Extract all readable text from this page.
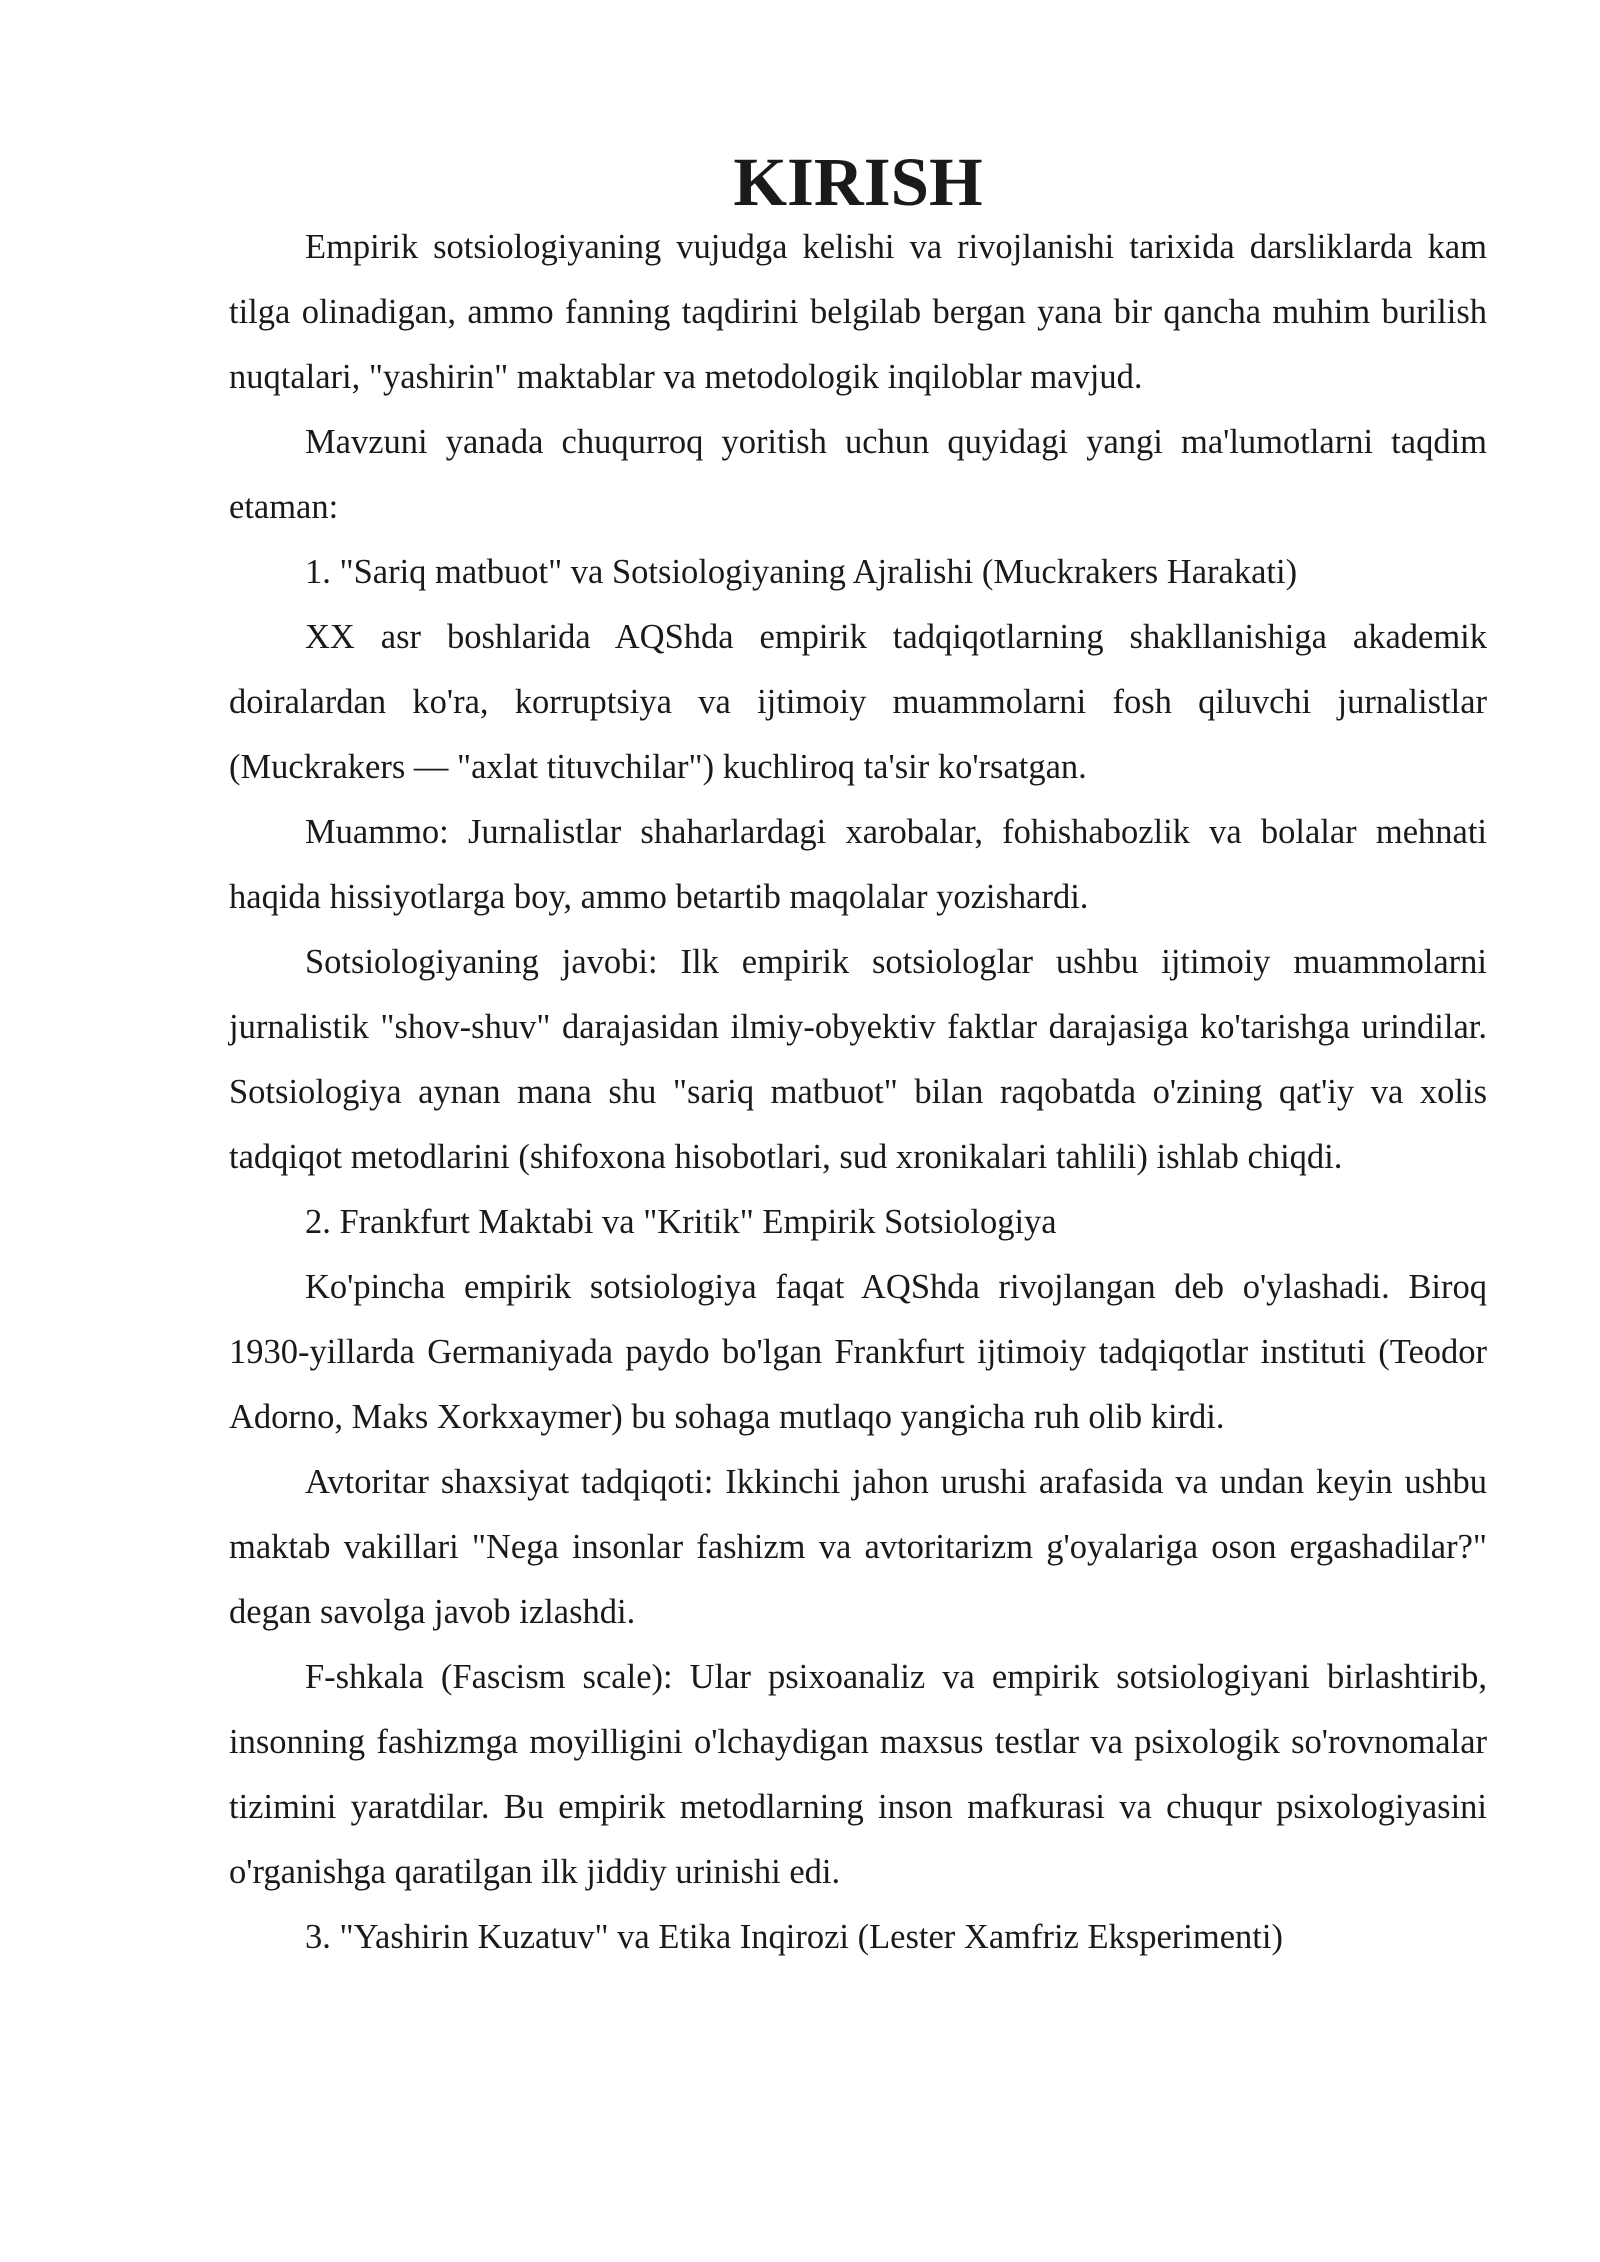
KIRISH

Empirik sotsiologiyaning vujudga kelishi va rivojlanishi tarixida darsliklarda kam tilga olinadigan, ammo fanning taqdirini belgilab bergan yana bir qancha muhim burilish nuqtalari, "yashirin" maktablar va metodologik inqiloblar mavjud.

Mavzuni yanada chuqurroq yoritish uchun quyidagi yangi ma'lumotlarni taqdim etaman:

1. "Sariq matbuot" va Sotsiologiyaning Ajralishi (Muckrakers Harakati)

XX asr boshlarida AQShda empirik tadqiqotlarning shakllanishiga akademik doiralardan ko'ra, korruptsiya va ijtimoiy muammolarni fosh qiluvchi jurnalistlar (Muckrakers — "axlat tituvchilar") kuchliroq ta'sir ko'rsatgan.

Muammo: Jurnalistlar shaharlardagi xarobalar, fohishabozlik va bolalar mehnati haqida hissiyotlarga boy, ammo betartib maqolalar yozishardi.

Sotsiologiyaning javobi: Ilk empirik sotsiologlar ushbu ijtimoiy muammolarni jurnalistik "shov-shuv" darajasidan ilmiy-obyektiv faktlar darajasiga ko'tarishga urindilar. Sotsiologiya aynan mana shu "sariq matbuot" bilan raqobatda o'zining qat'iy va xolis tadqiqot metodlarini (shifoxona hisobotlari, sud xronikalari tahlili) ishlab chiqdi.

2. Frankfurt Maktabi va "Kritik" Empirik Sotsiologiya

Ko'pincha empirik sotsiologiya faqat AQShda rivojlangan deb o'ylashadi. Biroq 1930-yillarda Germaniyada paydo bo'lgan Frankfurt ijtimoiy tadqiqotlar instituti (Teodor Adorno, Maks Xorkxaymer) bu sohaga mutlaqo yangicha ruh olib kirdi.

Avtoritar shaxsiyat tadqiqoti: Ikkinchi jahon urushi arafasida va undan keyin ushbu maktab vakillari "Nega insonlar fashizm va avtoritarizm g'oyalariga oson ergashadilar?" degan savolga javob izlashdi.

F-shkala (Fascism scale): Ular psixoanaliz va empirik sotsiologiyani birlashtirib, insonning fashizmga moyilligini o'lchaydigan maxsus testlar va psixologik so'rovnomalar tizimini yaratdilar. Bu empirik metodlarning inson mafkurasi va chuqur psixologiyasini o'rganishga qaratilgan ilk jiddiy urinishi edi.

3. "Yashirin Kuzatuv" va Etika Inqirozi (Lester Xamfriz Eksperimenti)
